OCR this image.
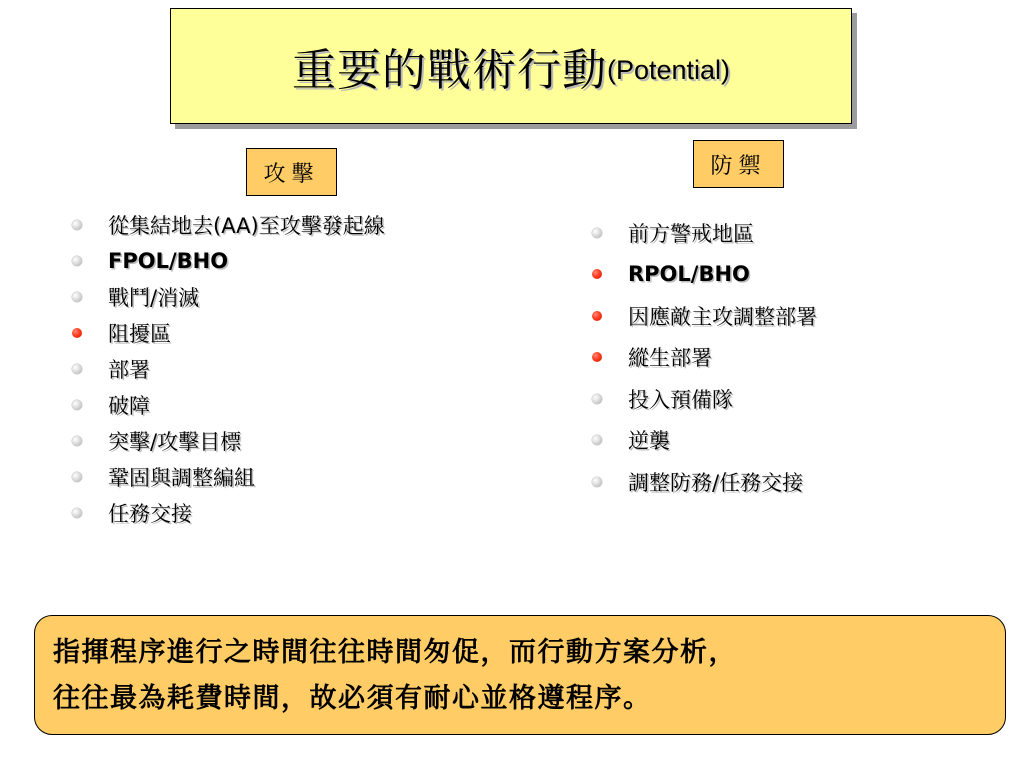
重要的戰術行動 (Potential)
攻擊	防禦
從集結地去(AA)至攻擊發起線
FPOL/BHO
戰鬥/消滅
阻擾區
部署
破障
突擊/攻擊目標
鞏固與調整編組
任務交接
前方警戒地區
RPOL/BHO
因應敵主攻調整部署
縱生部署
投入預備隊
逆襲
調整防務/任務交接

指揮程序進行之時間往往時間匆促，而行動方案分析，

往往最為耗費時間，故必須有耐心並格遵程序。
